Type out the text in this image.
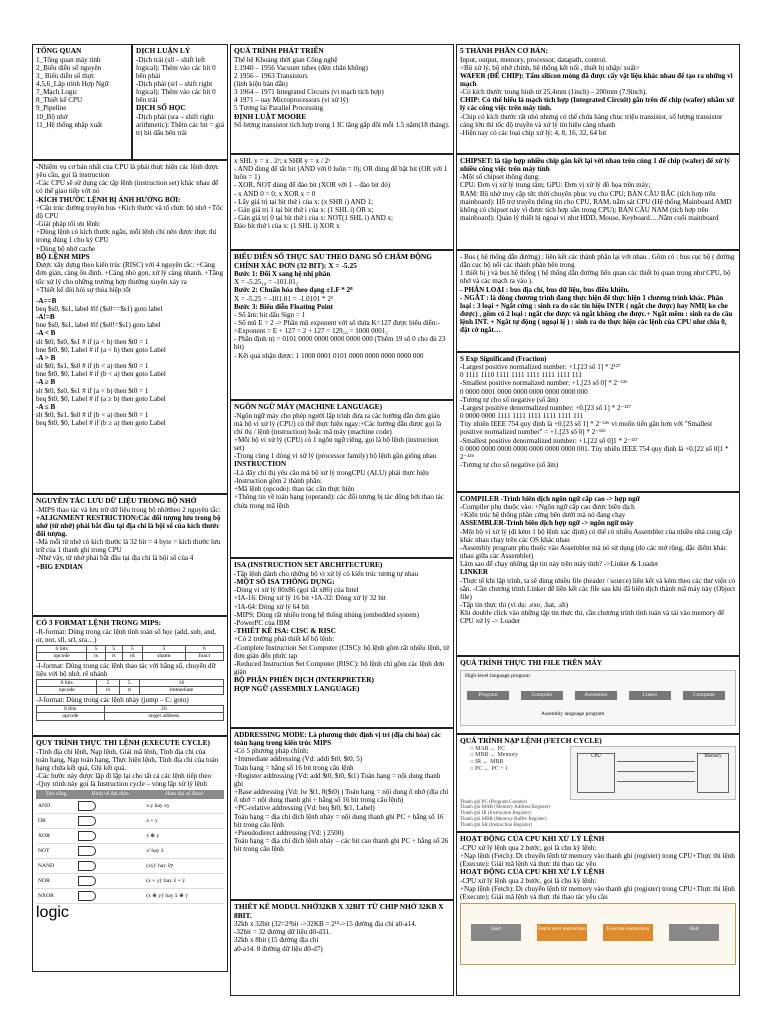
TỔNG QUAN
1_Tổng quan máy tính
2_Biểu diễn số nguyên
3_ Biểu diễn số thực
4,5,6_Lập trình Hợp Ngữ
7_Mạch Logic
8_Thiết kế CPU
9_Pipeline
10_Bộ nhớ
11_Hệ thống nhập xuất
DỊCH LUẬN LÝ
-Dịch trái (sll – shift left logical): Thêm vào các bit 0 bên phải
-Dịch phải (srl – shift right logical): Thêm vào các bit 0 bên trái
DỊCH SỐ HỌC
-Dịch phải (sra – shift right arithmetic): Thêm các bit = giá trị bit dấu bên trái
-Nhiệm vụ cơ bản nhất của CPU là phải thực hiện các lệnh được yêu cầu, gọi là instruction
-Các CPU sẽ sử dụng các tập lệnh (instruction set) khác nhau để có thể giao tiếp với nó
-KÍCH THƯỚC LỆNH BỊ ẢNH HƯỞNG BỞI:
+Cấu trúc đường truyền bus +Kích thước và tổ chức bộ nhớ +Tốc độ CPU
-Giải pháp tối ưu lệnh:
+Dùng lệnh có kích thước ngắn, mỗi lệnh chỉ nên được thực thi trong đúng 1 chu kỳ CPU
+Dùng bộ nhớ cache
BỘ LỆNH MIPS
Được xây dựng theo kiến trúc (RISC) với 4 nguyên tắc: +Càng đơn giản, càng ổn định. +Càng nhỏ gọn, xử lý càng nhanh. +Tăng tốc xử lý cho những trường hợp thường xuyên xảy ra
+Thiết kế đòi hỏi sự thỏa hiệp tốt
-A==B
beq $s0, $s1, label #if ($s0==$s1) goto label
-A!=B
bne $s0, $s1, label #if ($s0!=$s1) goto label
-A < B
slt $t0, $s0, $s1 # if (a < b) then $t0 = 1
bne $t0, $0, Label # if (a < b) then goto Label
-A > B
slt $t0, $s1, $s0 # if (b < a) then $t0 = 1
bne $t0, $0, Label # if (b < a) then goto Label
-A ≥ B
slt $t0, $s0, $s1 # if (a < b) then $t0 = 1
beq $t0, $0, Label # if (a ≥ b) then goto Label
-A ≤ B
slt $t0, $s1, $s0 # if (b < a) then $t0 = 1
beq $t0, $0, Label # if (b ≥ a) then goto Label
NGUYÊN TẮC LƯU DỮ LIỆU TRONG BỘ NHỚ
-MIPS thao tác và lưu trữ dữ liệu trong bộ nhớtheo 2 nguyên tắc:
+ALIGNMENT RESTRICTION:Các đối tượng lưu trong bộ nhớ (từ nhớ) phải bắt đầu tại địa chỉ là bội số của kích thước đối tượng.
-Mà mỗi từ nhớ có kích thước là 32 bit = 4 byte = kích thước lưu trữ của 1 thanh ghi trong CPU
-Như vậy, từ nhớ phải bắt đầu tại địa chỉ là bội số của 4
+BIG ENDIAN
CÓ 3 FORMAT LỆNH TRONG MIPS:
-R-format: Dùng trong các lệnh tính toán số học (add, sub, and, or, nor, sll, srl, sra…)
6 bits	5	5	5	5	6
opcode	rs	rt	rd	shamt	funct
-I-format: Dùng trong các lệnh thao tác với hằng số, chuyển dữ liệu với bộ nhớ, rẽ nhánh
6 bits	5	5	16
opcode	rs	rt	immediate
-J-format: Dùng trong các lệnh nhảy (jump – C: goto)
6 bits	26
opcode	target address
QUY TRÌNH THỰC THI LỆNH (EXECUTE CYCLE)
-Tính địa chỉ lệnh, Nạp lệnh, Giải mã lệnh, Tính địa chỉ của
toán hạng, Nạp toán hạng, Thực hiện lệnh, Tính địa chỉ của toán hạng chứa kết quả, Ghi kết quả.
-Các bước này được lặp đi lặp lại cho tất cả các lệnh tiếp theo
-Quy trình này gọi là Instruction cycle – vòng lặp xử lý lệnh
Tên cổng	Hình vẽ đại diện	Hàm đại số Bool
AND		x.y hay xy
OR		x + y
XOR		x ⊕ y
NOT		x' hay x̄
NAND		(xy)' hay x̄y̅
NOR		(x + y)' hay x̄ + ȳ
NXOR		(x ⊕ y)' hay x̄ ⊕ ȳ
logic
QUÁ TRÌNH PHÁT TRIỂN
Thế hệ Khoảng thời gian Công nghệ
1.1940 – 1956 Vacuum tubes (đèn chân không)
2 1956 – 1963 Transistors
(linh kiện bán dẫn)
3 1964 – 1971 Integrated Circuits (vi mạch tích hợp)
4 1971 – nay Microprocessors (vi xử lý)
5 Tương lai Parallel Processing
ĐỊNH LUẬT MOORE
Số lượng transistor tích hợp trong 1 IC tăng gấp đôi mỗi 1.5 năm(18 tháng).
x SHL y = x . 2ʸ; x SHR y = x / 2ʸ
- AND dùng để tắt bit (AND với 0 luôn = 0); OR dùng để bật bit (OR với 1 luôn = 1)
- XOR, NOT dùng để đảo bit (XOR với 1 – đảo bit đó)
- x AND 0 = 0; x XOR x = 0
- Lấy giá trị tại bit thứ i của x: (x SHR i) AND 1;
- Gán giá trị 1 tại bit thứ i của x: (1 SHL i) OR x;
- Gán giá trị 0 tại bit thứ i của x: NOT(1 SHL i) AND x;
Đảo bit thứ i của x: (1 SHL i) XOR x
BIỂU DIỄN SỐ THỰC SAU THEO DẠNG SỐ CHẤM ĐỘNG CHÍNH XÁC ĐƠN (32 BIT): X = -5.25
Bước 1: Đổi X sang hệ nhị phân
X = -5.25₁₀ = -101.01₂
Bước 2: Chuẩn hóa theo dạng ±1.F * 2ᴱ
X = -5.25 = -101.01 = -1.0101 * 2²
Bước 3: Biểu diễn Floating Point
- Số âm: bit dấu Sign = 1
- Số mũ E = 2 -> Phần mũ exponent với số thừa K=127 được biểu diễn:->Exponent = E + 127 = 2 + 127 = 129₁₀ = 1000 0001₂
- Phần định trị = 0101 0000 0000 0000 0000 000 (Thêm 19 số 0 cho đủ 23 bit)
- Kết quả nhận được: 1 1000 0001 0101 0000 0000 0000 0000 000
NGÔN NGỮ MÁY (MACHINE LANGUAGE)
-Ngôn ngữ máy cho phép người lập trình đưa ra các hướng dẫn đơn giản mà bộ vi xử lý (CPU) có thể thực hiện ngay:+Các hướng dẫn được gọi là chỉ thị / lệnh (instruction) hoặc mã máy (machine code)
+Mỗi bộ vi xử lý (CPU) có 1 ngôn ngữ riêng, gọi là bộ lệnh (instruction set)
-Trong cùng 1 dòng vi xử lý (processor family) bộ lệnh gần giống nhau
INSTRUCTION
-Là đây chỉ thị yêu cầu mà bộ xử lý trongCPU (ALU) phải thực hiện
-Instruction gồm 2 thành phần:
+Mã lệnh (opcode): thao tác cần thực hiện
+Thông tin về toán hạng (operand): các đối tượng bị tác động bởi thao tác chứa trong mã lệnh
ISA (INSTRUCTION SET ARCHITECTURE)
-Tập lệnh dành cho những bộ vi xử lý có kiến trúc tương tự nhau
-MỘT SỐ ISA THÔNG DỤNG:
-Dòng vi xử lý 80x86 (gọi tắt x86) của Intel
+IA-16: Đóng xử lý 16 bit +IA-32: Đóng xử lý 32 bit
+IA-64: Đóng xử lý 64 bit
-MIPS: Dùng rất nhiều trong hệ thống nhúng (embedded system)
-PowerPC của IBM
-THIẾT KẾ ISA: CISC & RISC
+Có 2 trường phái thiết kế bộ lệnh:
-Complete Instruction Set Computer (CISC): bộ lệnh gồm rất nhiều lệnh, từ đơn giản đến phức tạp
-Reduced Instruction Set Computer (RISC): bộ lệnh chỉ gồm các lệnh đơn giản
BỘ PHẬN PHIÊN DỊCH (INTERPRETER)
HỢP NGỮ (ASSEMBLY LANGUAGE)
ADDRESSING MODE: Là phương thức định vị trí (địa chỉ hóa) các toán hạng trong kiến trúc MIPS
-Có 5 phương pháp chính:
+Immediate addressing (Vd: addi $t0, $t0, 5)
Toán hạng = hằng số 16 bit trong câu lệnh
+Register addressing (Vd: add $t0, $t0, $t1) Toán hạng = nội dung thanh ghi
+Base addressing (Vd: lw $t1, 8($t0) ) Toán hạng = nội dung ô nhớ (địa chỉ ô nhớ = nội dung thanh ghi + hằng số 16 bit trong câu lệnh)
+PC-relative addressing (Vd: beq $t0, $t1, Label)
Toán hạng = địa chỉ đích lệnh nhảy = nội dung thanh ghi PC + hằng số 16 bit trong câu lệnh
+Pseudodirect addressing (Vd: j 2500)
Toán hạng = địa chỉ đích lệnh nhảy – các bit cao thanh ghi PC + hằng số 26 bit trong câu lệnh
THIẾT KẾ MODUL NHỚ32KB X 32BIT TỪ CHIP NHỚ 32KB X 8BIT.
32kb x 32bit (32=2⁵bit ->32KB = 2¹⁵->15 đường địa chỉ a0-a14.
-32bit = 32 đường dữ liệu d0-d31.
32kb x 8bit (15 đường địa chỉ
a0-a14. 8 đường dữ liệu d0-d7)
5 THÀNH PHẦN CƠ BẢN:
Input, output, memory, processor, datapath, control.
<Bộ xử lý, bộ nhớ chính, hệ thống kết nối , thiết bị nhập/ xuất>
WAFER (ĐẾ CHIP): Tấm silicon mỏng đã được cấy vật liệu khác nhau để tạo ra những vi mạch
-Có kích thước trung bình từ 25,4mm (1inch) – 200mm (7.9inch).
CHIP: Có thể hiểu là mạch tích hợp (Integrated Circuit) gắn trên đế chip (wafer) nhằm xử lý các công việc trên máy tính.
-Chip có kích thước rất nhỏ nhưng có thể chứa hàng chục triệu transistor, số lượng transistor càng lớn thì tốc độ truyền và xử lý tín hiệu càng nhanh
-Hiện nay có các loại chip xử lý: 4, 8, 16, 32, 64 bit
CHIPSET: là tập hợp nhiều chip gắn kết lại với nhau trên cùng 1 đế chip (wafer) để xử lý nhiều công việc trên máy tính
-Một số chipset thông dụng:
CPU: Đơn vị xử lý trung tâm; GPU: Đơn vị xử lý đồ họa trên máy;
RAM: Bộ nhớ truy cập tức thời chuyên phục vụ cho CPU; BẢN CẦU BẮC (tích hợp trên mainboard): Hỗ trợ truyền thông tin cho CPU, RAM, nằm sát CPU (Hệ thống Mainboard AMD không có chipset này vì được tích hợp sẵn trong CPU); BẢN CẦU NAM (tích hợp trên mainboard): Quản lý thiết bị ngoại vi như HDD, Mouse, Keyboard….Nằm cuối mainboard
- Bus ( hệ thống dẫn đường) : liên kết các thành phần lại với nhau . Gồm có : bus cục bộ ( đường dẫn cục bộ nối các thành phần bên trong
1 thiết bị ) và bus hệ thống ( hệ thống dẫn đường liên quan các thiết bị quan trọng như CPU, bộ nhớ và các mạch ra vào ).
- PHÂN LOẠI : bus địa chỉ, bus dữ liệu, bus điều khiển.
- NGẮT : là dòng chương trình đang thực hiện để thực hiện 1 chương trình khác. Phân loại : 3 loại + Ngắt cứng : sinh ra do các tín hiệu INTR ( ngắt che được) hay NMI( ko che được) , gồm có 2 loại : ngắt che được và ngắt không che được.+ Ngắt mềm : sinh ra do câu lệnh INT. + Ngắt tự động ( ngoại lệ ) : sinh ra do thực hiện các lệnh của CPU như chia 0, đặt cờ ngắt…
S Exp Significand (Fraction)
-Largest positive normalized number: +1.[23 số 1] * 2¹²⁷
0 1111 1110 1111 1111 1111 1111 1111 111
-Smallest positive normalized number: +1.[23 số 0] * 2⁻¹²⁶
0 0000 0001 0000 0000 0000 0000 0000 000
-Tương tự cho số negative (số âm)
-Largest positive denormalized number: +0.[23 số 1] * 2⁻¹²⁷
0 0000 0000 1111 1111 1111 1111 1111 111
Tùy nhiên IEEE 754 quy định là +0.[23 số 1] * 2⁻¹²⁶ vì muốn tiến gần hơn với "Smallest positive normalized number" = +1.[23 số 0] * 2⁻¹²⁶
-Smallest positive denormalized number: +1.[22 số 0]1 * 2⁻¹²⁷
0 0000 0000 0000 0000 0000 0000 0000 001. Tùy nhiên IEEE 754 quy định là +0.[22 số 0]1 * 2⁻¹²⁶
-Tương tự cho số negative (số âm)
COMPILER -Trình biên dịch ngôn ngữ cấp cao -> hợp ngữ
-Compiler phụ thuộc vào: +Ngôn ngữ cấp cao được biên dịch
+Kiến trúc hệ thống phần cứng bên dưới mà nó đang chạy
ASSEMBLER-Trình biên dịch hợp ngữ -> ngôn ngữ máy
-Một bộ vi xử lý (đi kèm 1 bộ lệnh xác định) có thể có nhiều Assembler của nhiều nhà cung cấp khác nhau chạy trên các OS khác nhau
-Assembly program phụ thuộc vào Assembler mà nó sử dụng (do các mở rộng, đặc điểm khác nhau giữa các Assembler)
Làm sao để chạy những tập tin này trên máy tính? ->Linker & Loader
LINKER
-Thực tế khi lập trình, ta sẽ dùng nhiều file (header / source) liên kết và kèm theo các thư viện có sẵn. -Cần chương trình Linker để liên kết các file sau khi đã biên dịch thành mã máy này (Object file)
-Tập tin thực thi (ví dụ: .exe, .bat, .sh)
Khi double click vào những tập tin thực thi, cần chương trình tính toán và tải vào memory để CPU xử lý -> Loader
QUÁ TRÌNH THỰC THI FILE TRÊN MÁY
High-level language program
Program	Compiler	Assembler	Linker	Computer
Assembly language program
QUÁ TRÌNH NẠP LỆNH (FETCH CYCLE)
○ MAR ← PC
○ MBR ← Memory
○ IR ← MBR
○ PC ← PC + 1
CPU	Memory
Thanh ghi PC (Program Counter)
Thanh ghi MAR (Memory Address Register)
Thanh ghi IR (Instruction Register)
Thanh ghi MBR (Memory Buffer Register)
Thanh ghi SR (Instruction Register)
HOẠT ĐỘNG CỦA CPU KHI XỬ LÝ LỆNH
-CPU xử lý lệnh qua 2 bước, gọi là chu kỳ lệnh:
+Nạp lệnh (Fetch): Di chuyển lệnh từ memory vào thanh ghi (register) trong CPU+Thực thi lệnh (Execute): Giải mã lệnh và thực thi thao tác yêu
HOẠT ĐỘNG CỦA CPU KHI XỬ LÝ LỆNH
-CPU xử lý lệnh qua 2 bước, gọi là chu kỳ lệnh:
+Nạp lệnh (Fetch): Di chuyển lệnh từ memory vào thanh ghi (register) trong CPU+Thực thi lệnh (Execute): Giải mã lệnh và thực thi thao tác yêu cầu
Start	Fetch next instruction	Execute instruction	Halt
